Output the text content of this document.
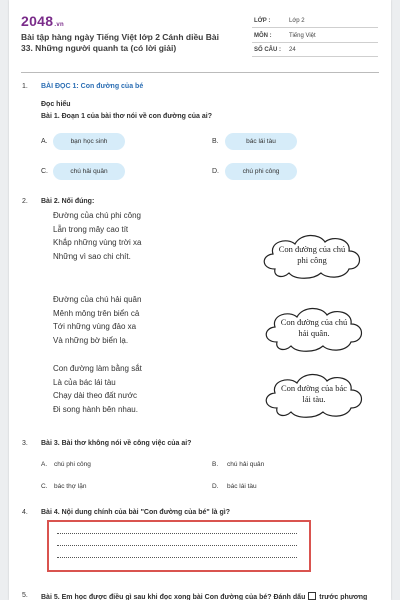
2048.vn
Bài tập hàng ngày Tiếng Việt lớp 2 Cánh diều Bài 33. Những người quanh ta (có lời giải)
LỚP :	Lớp 2
MÔN :	Tiếng Việt
SỐ CÂU : 24
1. BÀI ĐỌC 1: Con đường của bé
Đọc hiểu
Bài 1. Đoạn 1 của bài thơ nói về con đường của ai?
A.	bạn học sinh	B.	bác lái tàu
C.	chú hải quân	D.	chú phi công
2. Bài 2. Nối đúng:
Đường của chú phi công
Lẫn trong mây cao tít
Khắp những vùng trời xa
Những vì sao chi chít.
Đường của chú hải quân
Mênh mông trên biển cả
Tới những vùng đảo xa
Và những bờ biển lạ.
Con đường làm bằng sắt
Là của bác lái tàu
Chạy dài theo đất nước
Đi song hành bên nhau.
Con đường của chú
phi công
Con đường của chú
hải quân.
Con đường của bác
lái tàu.
3. Bài 3. Bài thơ không nói về công việc của ai?
A. chú phi công	B. chú hải quân
C. bác thợ lặn	D. bác lái tàu
4. Bài 4. Nội dung chính của bài "Con đường của bé" là gì?
5. Bài 5. Em học được điều gì sau khi đọc xong bài Con đường của bé? Đánh dấu trước phương
